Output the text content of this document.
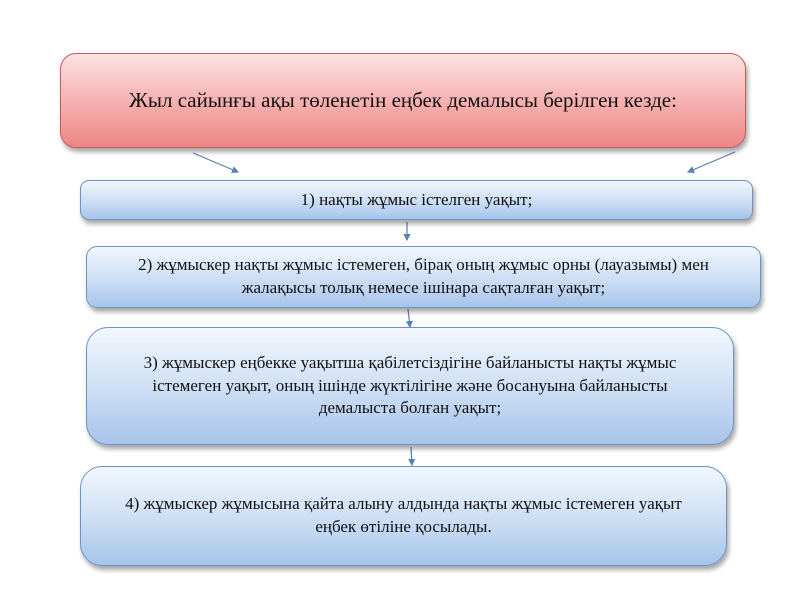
Жыл сайынғы ақы төленетін еңбек демалысы берілген кезде:
1) нақты жұмыс істелген уақыт;
2) жұмыскер нақты жұмыс істемеген, бірақ оның жұмыс орны (лауазымы) мен жалақысы толық немесе ішінара сақталған уақыт;
3) жұмыскер еңбекке уақытша қабілетсіздігіне байланысты нақты жұмыс істемеген уақыт, оның ішінде жүктілігіне және босануына байланысты демалыста болған уақыт;
4) жұмыскер жұмысына қайта алыну алдында нақты жұмыс істемеген уақыт еңбек өтіліне қосылады.
